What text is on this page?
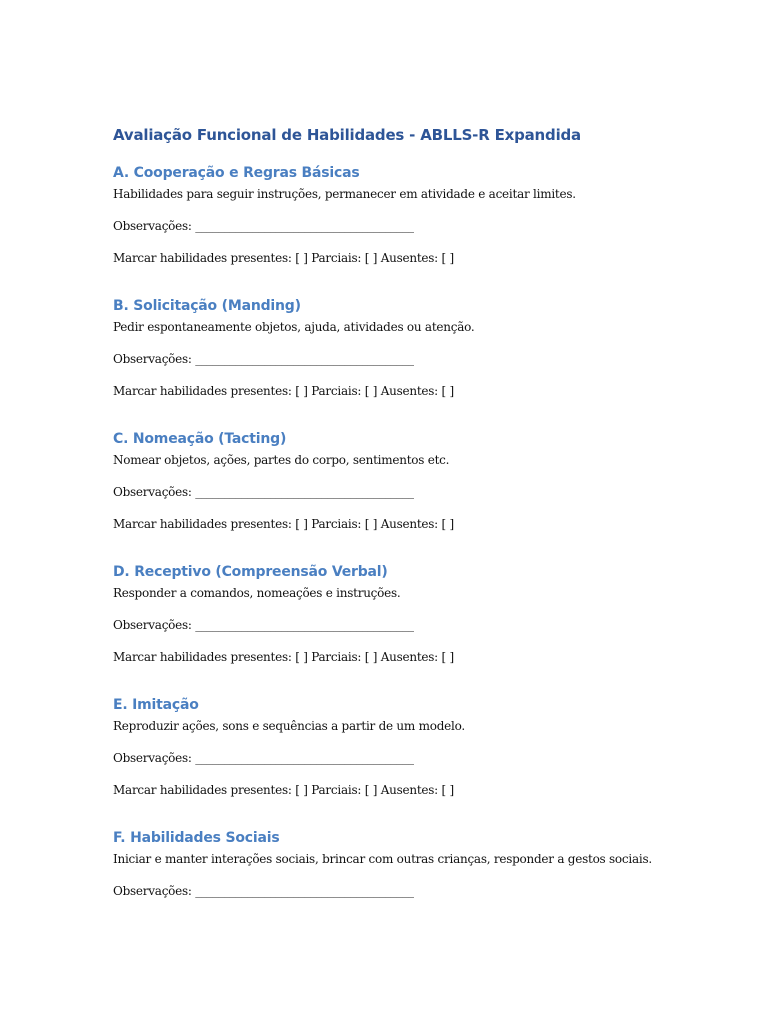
Avaliação Funcional de Habilidades - ABLLS-R Expandida
A. Cooperação e Regras Básicas

Habilidades para seguir instruções, permanecer em atividade e aceitar limites.

Observações: ______________________________________

Marcar habilidades presentes: [ ] Parciais: [ ] Ausentes: [ ]

B. Solicitação (Manding)

Pedir espontaneamente objetos, ajuda, atividades ou atenção.

Observações: ______________________________________

Marcar habilidades presentes: [ ] Parciais: [ ] Ausentes: [ ]

C. Nomeação (Tacting)

Nomear objetos, ações, partes do corpo, sentimentos etc.

Observações: ______________________________________

Marcar habilidades presentes: [ ] Parciais: [ ] Ausentes: [ ]

D. Receptivo (Compreensão Verbal)

Responder a comandos, nomeações e instruções.

Observações: ______________________________________

Marcar habilidades presentes: [ ] Parciais: [ ] Ausentes: [ ]

E. Imitação

Reproduzir ações, sons e sequências a partir de um modelo.

Observações: ______________________________________

Marcar habilidades presentes: [ ] Parciais: [ ] Ausentes: [ ]

F. Habilidades Sociais

Iniciar e manter interações sociais, brincar com outras crianças, responder a gestos sociais.

Observações: ______________________________________
